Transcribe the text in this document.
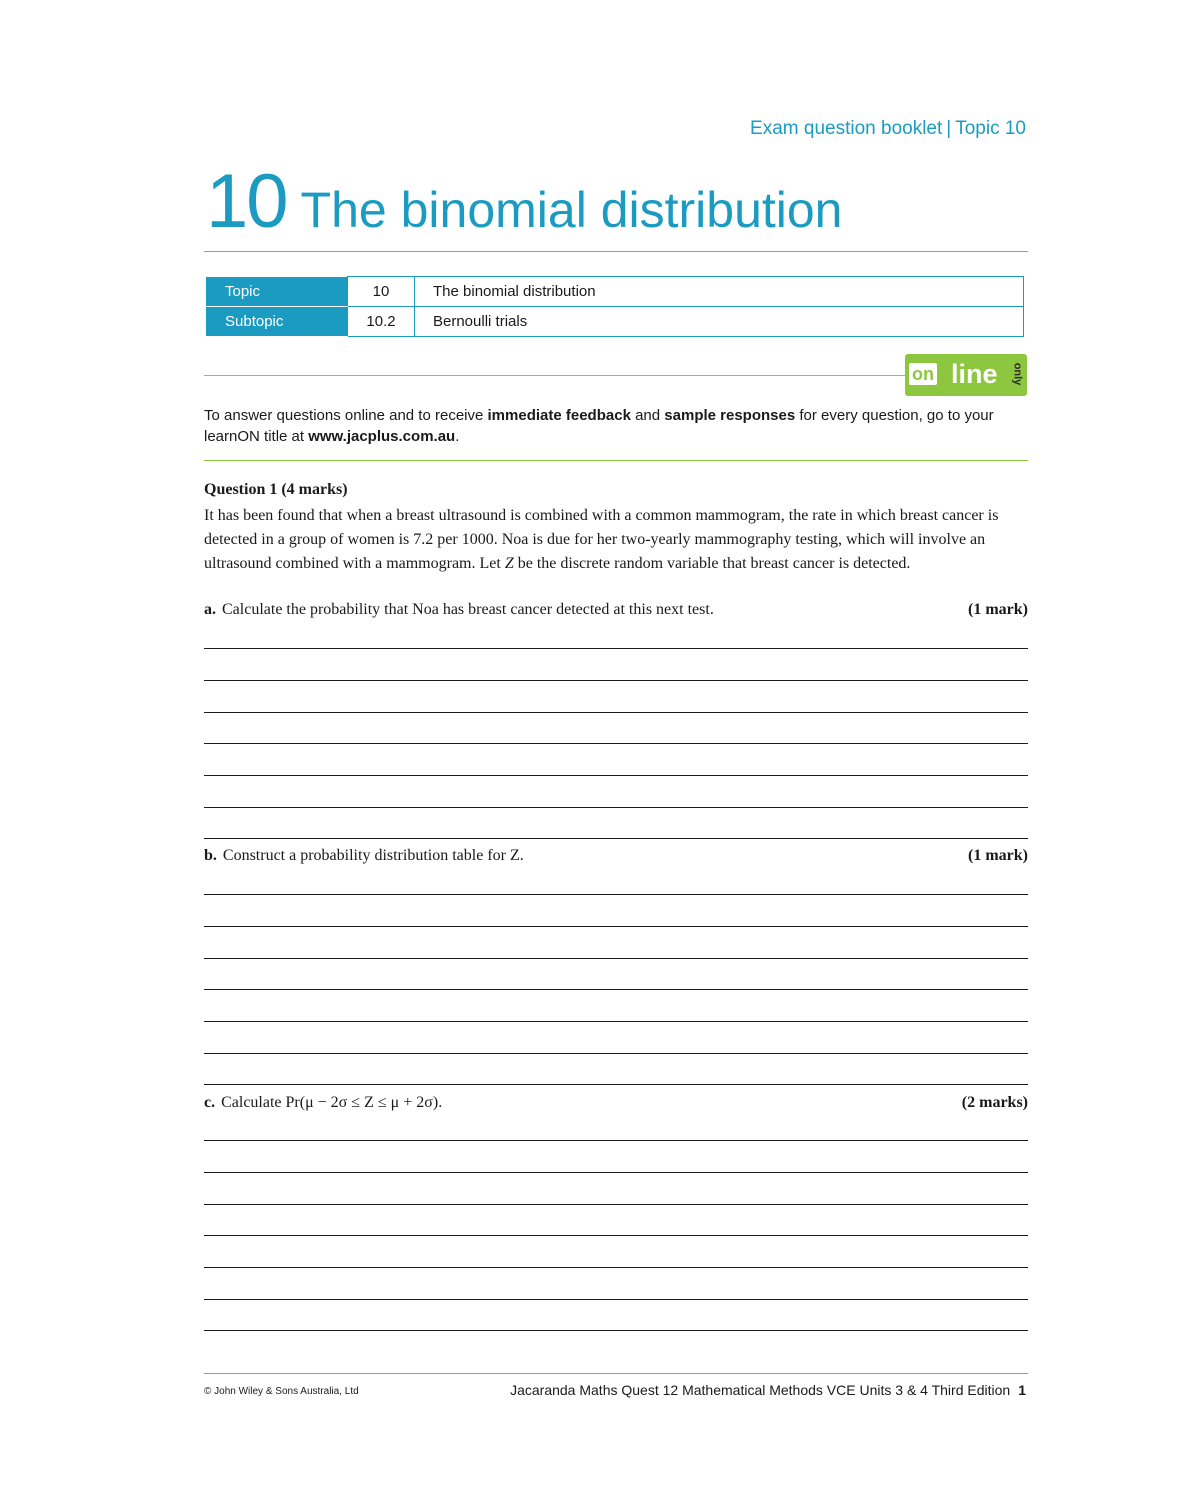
Exam question booklet | Topic 10
10 The binomial distribution
Topic	10	The binomial distribution
Subtopic	10.2	Bernoulli trials
on line only
To answer questions online and to receive immediate feedback and sample responses for every question, go to your learnON title at www.jacplus.com.au.
Question 1 (4 marks)
It has been found that when a breast ultrasound is combined with a common mammogram, the rate in which breast cancer is detected in a group of women is 7.2 per 1000. Noa is due for her two-yearly mammography testing, which will involve an ultrasound combined with a mammogram. Let Z be the discrete random variable that breast cancer is detected.
a. Calculate the probability that Noa has breast cancer detected at this next test.	(1 mark)
b. Construct a probability distribution table for Z.	(1 mark)
c. Calculate Pr(μ − 2σ ≤ Z ≤ μ + 2σ).	(2 marks)
© John Wiley & Sons Australia, Ltd	Jacaranda Maths Quest 12 Mathematical Methods VCE Units 3 & 4 Third Edition 1
